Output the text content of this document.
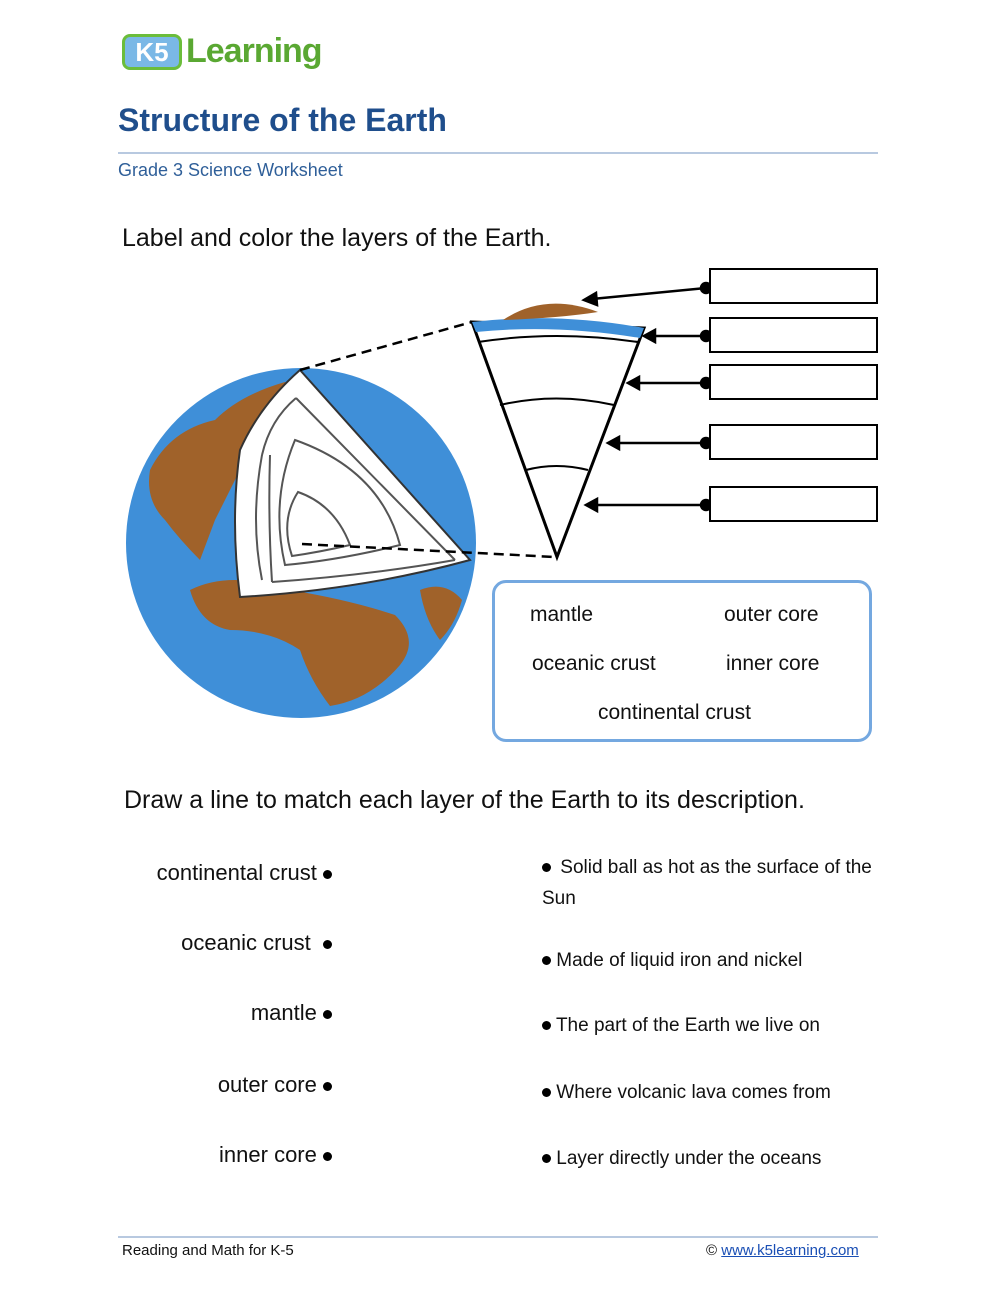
K5 Learning
Structure of the Earth
Grade 3 Science Worksheet
Label and color the layers of the Earth.
mantle	outer core
oceanic crust	inner core
continental crust
Draw a line to match each layer of the Earth to its description.
continental crust
oceanic crust
mantle
outer core
inner core
Solid ball as hot as the surface of the Sun
Made of liquid iron and nickel
The part of the Earth we live on
Where volcanic lava comes from
Layer directly under the oceans
Reading and Math for K-5	© www.k5learning.com
